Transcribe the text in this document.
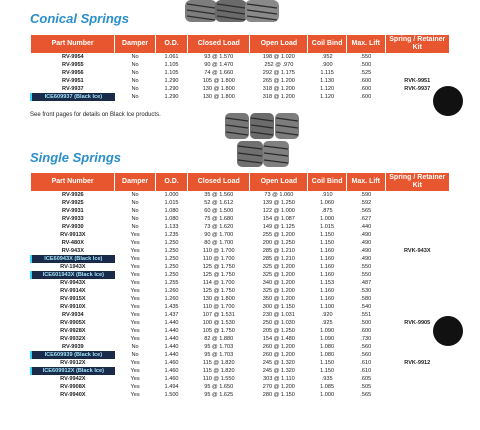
Conical Springs
Part Number	Damper	O.D.	Closed Load	Open Load	Coil Bind	Max. Lift	Spring / Retainer Kit
RV-9954	No	1.061	93 @ 1.570	198 @ 1.020	.952	.550	
RV-9955	No	1.105	90 @ 1.470	252 @ .970	.900	.500	
RV-9956	No	1.105	74 @ 1.660	292 @ 1.175	1.115	.525	
RV-9951	No	1.290	105 @ 1.800	265 @ 1.200	1.130	.600	RVK-9951
RV-9937	No	1.290	130 @ 1.800	318 @ 1.200	1.120	.600	RVK-9937
ICE609937 (Black Ice)	No	1.290	130 @ 1.800	318 @ 1.200	1.120	.600	
See front pages for details on Black Ice products.
Single Springs
Part Number	Damper	O.D.	Closed Load	Open Load	Coil Bind	Max. Lift	Spring / Retainer Kit
RV-9926	No	1.000	35 @ 1.560	73 @ 1.060	.910	.590	
RV-9925	No	1.015	52 @ 1.612	139 @ 1.250	1.060	.592	
RV-9931	No	1.080	60 @ 1.500	122 @ 1.000	.875	.565	
RV-9933	No	1.080	75 @ 1.680	154 @ 1.087	1.000	.627	
RV-9930	No	1.133	73 @ 1.620	149 @ 1.125	1.015	.440	
RV-9913X	Yes	1.235	90 @ 1.700	255 @ 1.200	1.150	.490	
RV-480X	Yes	1.250	80 @ 1.700	200 @ 1.250	1.150	.490	
RV-943X	Yes	1.250	110 @ 1.700	285 @ 1.210	1.160	.490	RVK-943X
ICE60943X (Black Ice)	Yes	1.250	110 @ 1.700	285 @ 1.210	1.160	.490	
RV-1943X	Yes	1.250	125 @ 1.750	325 @ 1.200	1.160	.550	
ICE601943X (Black Ice)	Yes	1.250	125 @ 1.750	325 @ 1.200	1.160	.550	
RV-9943X	Yes	1.255	114 @ 1.700	340 @ 1.200	1.153	.487	
RV-9914X	Yes	1.260	125 @ 1.750	325 @ 1.200	1.160	.530	
RV-9915X	Yes	1.260	130 @ 1.800	350 @ 1.200	1.160	.580	
RV-9910X	Yes	1.435	110 @ 1.700	300 @ 1.150	1.100	.540	
RV-9934	Yes	1.437	107 @ 1.531	230 @ 1.031	.920	.551	
RV-9905X	Yes	1.440	100 @ 1.530	250 @ 1.030	.925	.500	RVK-9905
RV-9928X	Yes	1.440	105 @ 1.750	205 @ 1.250	1.090	.600	
RV-9932X	Yes	1.440	82 @ 1.880	154 @ 1.480	1.090	.730	
RV-9939	No	1.440	95 @ 1.703	260 @ 1.200	1.080	.560	
ICE609939 (Black Ice)	No	1.440	95 @ 1.703	260 @ 1.200	1.080	.560	
RV-9912X	Yes	1.460	115 @ 1.820	245 @ 1.320	1.150	.610	RVK-9912
ICE609912X (Black Ice)	Yes	1.460	115 @ 1.820	245 @ 1.320	1.150	.610	
RV-9942X	Yes	1.460	110 @ 1.550	303 @ 1.110	.935	.605	
RV-9908X	Yes	1.494	95 @ 1.650	270 @ 1.200	1.085	.505	
RV-9940X	Yes	1.500	95 @ 1.625	280 @ 1.150	1.000	.565	
